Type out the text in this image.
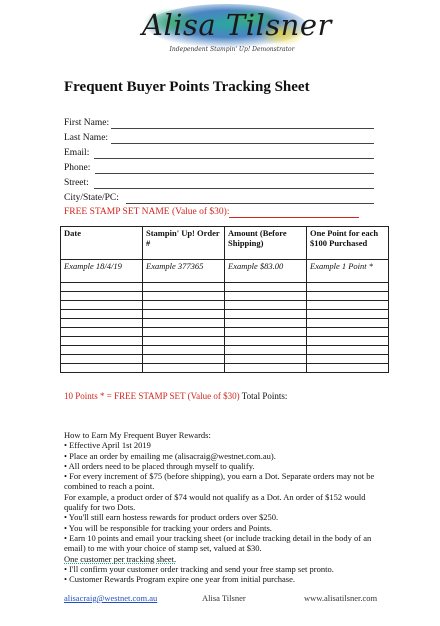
Alisa Tilsner
Independent Stampin' Up! Demonstrator
Frequent Buyer Points Tracking Sheet
First Name:
Last Name:
Email:
Phone:
Street:
City/State/PC:
FREE STAMP SET NAME (Value of $30):
Date	Stampin' Up! Order #	Amount (Before Shipping)	One Point for each $100 Purchased
Example 18/4/19	Example 377365	Example $83.00	Example 1 Point *

10 Points * = FREE STAMP SET (Value of $30) Total Points:

How to Earn My Frequent Buyer Rewards:

• Effective April 1st 2019

• Place an order by emailing me (alisacraig@westnet.com.au).

• All orders need to be placed through myself to qualify.

• For every increment of $75 (before shipping), you earn a Dot. Separate orders may not be combined to reach a point.

For example, a product order of $74 would not qualify as a Dot. An order of $152 would qualify for two Dots.

• You'll still earn hostess rewards for product orders over $250.

• You will be responsible for tracking your orders and Points.

• Earn 10 points and email your tracking sheet (or include tracking detail in the body of an email) to me with your choice of stamp set, valued at $30.

One customer per tracking sheet.

• I'll confirm your customer order tracking and send your free stamp set pronto.

• Customer Rewards Program expire one year from initial purchase.

alisacraig@westnet.com.au	Alisa Tilsner	www.alisatilsner.com
